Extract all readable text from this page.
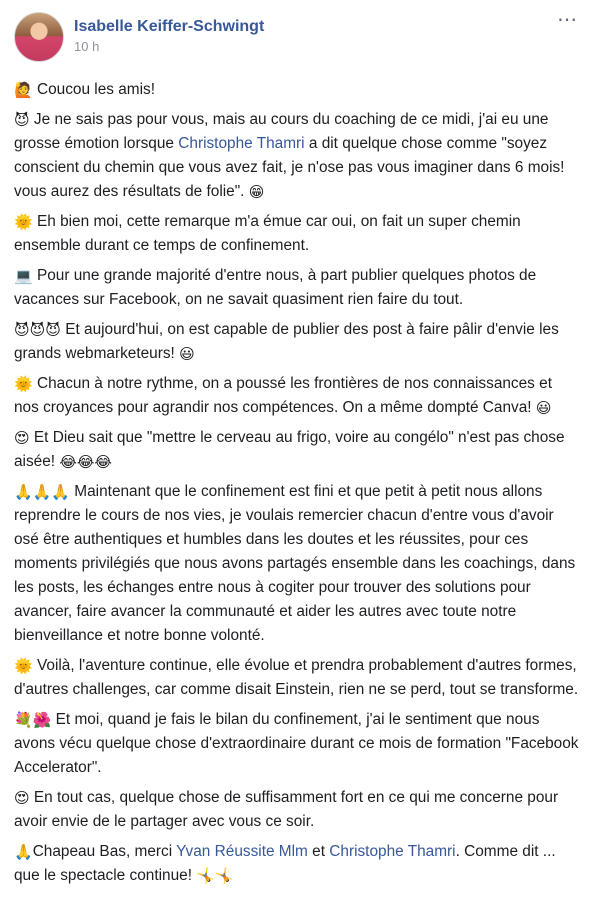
Isabelle Keiffer-Schwingt
10 h
⋯

🙋 Coucou les amis!

😈 Je ne sais pas pour vous, mais au cours du coaching de ce midi, j'ai eu une grosse émotion lorsque Christophe Thamri a dit quelque chose comme "soyez conscient du chemin que vous avez fait, je n'ose pas vous imaginer dans 6 mois! vous aurez des résultats de folie". 😁

🌞 Eh bien moi, cette remarque m'a émue car oui, on fait un super chemin ensemble durant ce temps de confinement.

💻 Pour une grande majorité d'entre nous, à part publier quelques photos de vacances sur Facebook, on ne savait quasiment rien faire du tout.

😈😈😈 Et aujourd'hui, on est capable de publier des post à faire pâlir d'envie les grands webmarketeurs! 😃

🌞 Chacun à notre rythme, on a poussé les frontières de nos connaissances et nos croyances pour agrandir nos compétences. On a même dompté Canva! 😃

😍 Et Dieu sait que "mettre le cerveau au frigo, voire au congélo" n'est pas chose aisée! 😂😂😂

🙏🙏🙏 Maintenant que le confinement est fini et que petit à petit nous allons reprendre le cours de nos vies, je voulais remercier chacun d'entre vous d'avoir osé être authentiques et humbles dans les doutes et les réussites, pour ces moments privilégiés que nous avons partagés ensemble dans les coachings, dans les posts, les échanges entre nous à cogiter pour trouver des solutions pour avancer, faire avancer la communauté et aider les autres avec toute notre bienveillance et notre bonne volonté.

🌞 Voilà, l'aventure continue, elle évolue et prendra probablement d'autres formes, d'autres challenges, car comme disait Einstein, rien ne se perd, tout se transforme.

💐🌺 Et moi, quand je fais le bilan du confinement, j'ai le sentiment que nous avons vécu quelque chose d'extraordinaire durant ce mois de formation "Facebook Accelerator".

😍 En tout cas, quelque chose de suffisamment fort en ce qui me concerne pour avoir envie de le partager avec vous ce soir.

🙏Chapeau Bas, merci Yvan Réussite Mlm et Christophe Thamri. Comme dit ... que le spectacle continue! 🤸🤸
